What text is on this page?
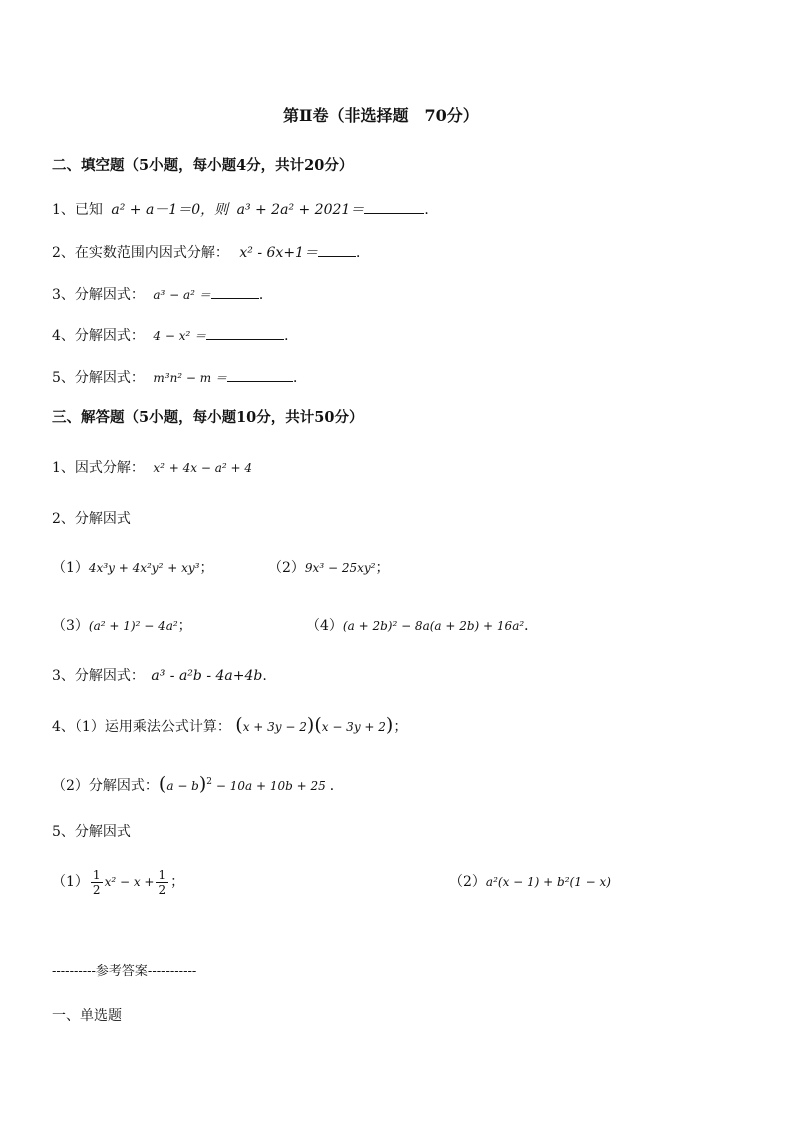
第Ⅱ卷（非选择题　70分）
二、填空题（5小题，每小题4分，共计20分）
1、已知 a² + a－1＝0，则 a³ + 2a² + 2021＝	．
2、在实数范围内因式分解： x² - 6x+1＝	．
3、分解因式： a³ − a² ＝	．
4、分解因式： 4 − x² ＝	．
5、分解因式： m³n² − m ＝	．
三、解答题（5小题，每小题10分，共计50分）
1、因式分解： x² + 4x − a² + 4
2、分解因式
（1）4x³y + 4x²y² + xy³；	（2）9x³ − 25xy²；
（3）(a² + 1)² − 4a²；	（4）(a + 2b)² − 8a(a + 2b) + 16a²．
3、分解因式： a³ - a²b - 4a+4b.
4、（1）运用乘法公式计算： (x + 3y − 2)(x − 3y + 2)；
（2）分解因式：$(a - b)^2 - 10a + 10b + 25$ ．
5、分解因式
$(1) \frac{1}{2} x^2 - x + \frac{1}{2}$ ；	（2）a²(x − 1) + b²(1 − x)
----------参考答案-----------
一、单选题
